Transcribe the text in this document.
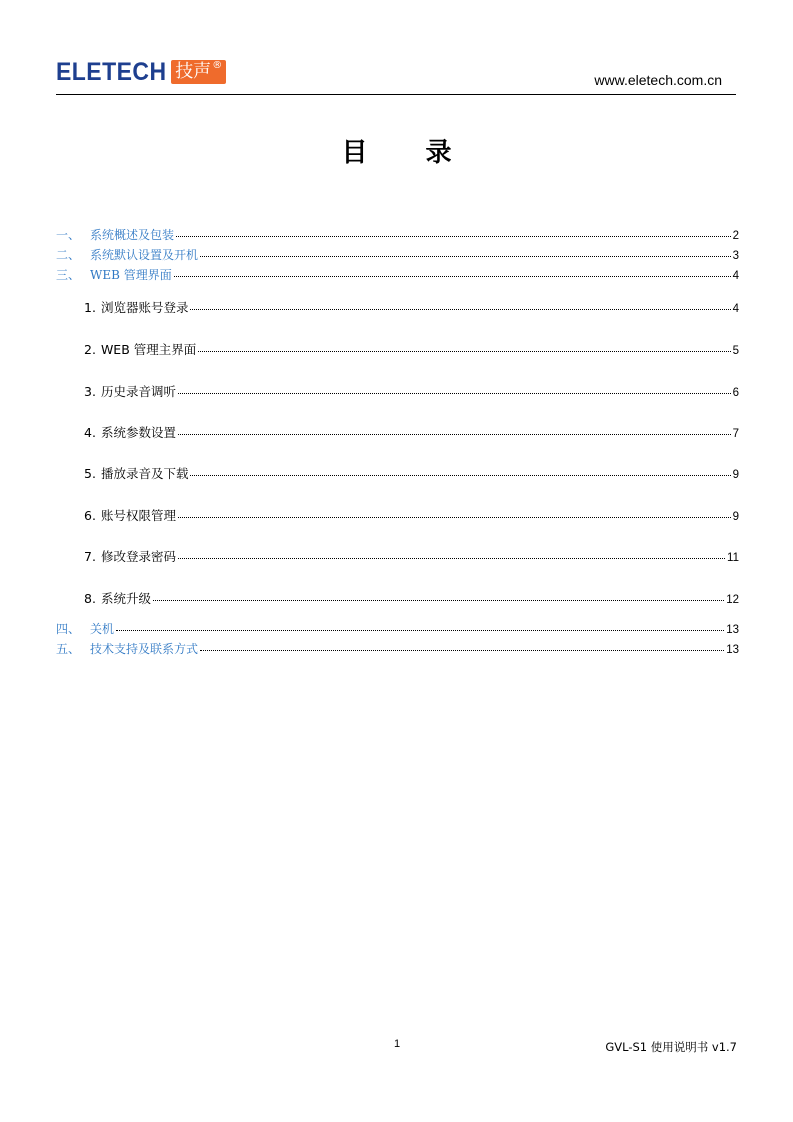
ELETECH 技声 ®
www.eletech.com.cn
目录
一、 系统概述及包装	2
二、 系统默认设置及开机	3
三、 WEB 管理界面	4
1. 浏览器账号登录	4
2. WEB 管理主界面	5
3. 历史录音调听	6
4. 系统参数设置	7
5. 播放录音及下载	9
6. 账号权限管理	9
7. 修改登录密码	11
8. 系统升级	12
四、 关机	13
五、 技术支持及联系方式	13
1	GVL-S1 使用说明书 v1.7
